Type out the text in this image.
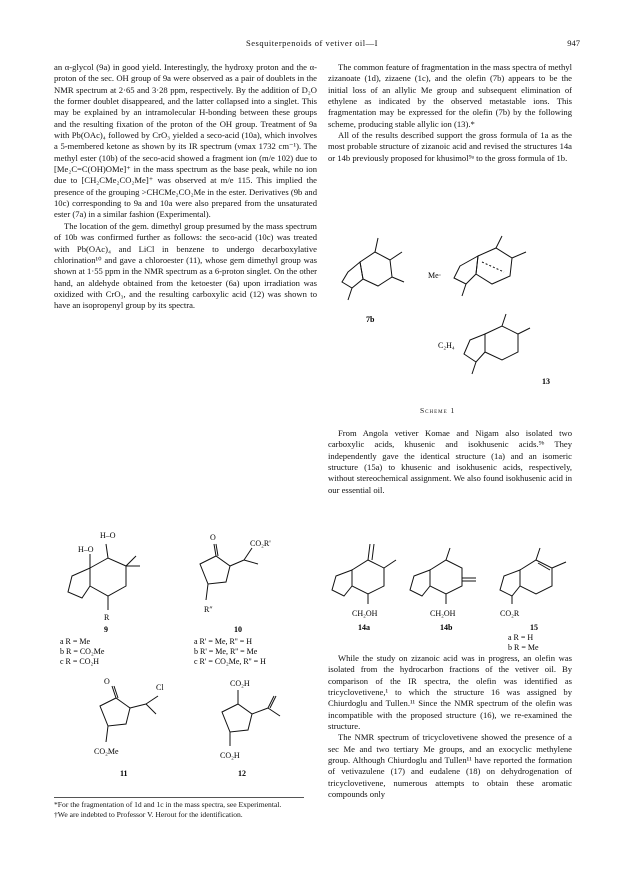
Sesquiterpenoids of vetiver oil—I	947

an α-glycol (9a) in good yield. Interestingly, the hydroxy proton and the α-proton of the sec. OH group of 9a were observed as a pair of doublets in the NMR spectrum at 2·65 and 3·28 ppm, respectively. By the addition of D₂O the former doublet disappeared, and the latter collapsed into a singlet. This may be explained by an intramolecular H-bonding between these groups and the resulting fixation of the proton of the OH group. Treatment of 9a with Pb(OAc)₄ followed by CrO₃ yielded a seco-acid (10a), which involves a 5-membered ketone as shown by its IR spectrum (νmax 1732 cm⁻¹). The methyl ester (10b) of the seco-acid showed a fragment ion (m/e 102) due to [Me₂C=C(OH)OMe]⁺ in the mass spectrum as the base peak, while no ion due to [CH₂CMe₂CO₂Me]⁺ was observed at m/e 115. This implied the presence of the grouping >CHCMe₂CO₂Me in the ester. Derivatives (9b and 10c) corresponding to 9a and 10a were also prepared from the unsaturated ester (7a) in a similar fashion (Experimental).

The location of the gem. dimethyl group presumed by the mass spectrum of 10b was confirmed further as follows: the seco-acid (10c) was treated with Pb(OAc)₄ and LiCl in benzene to undergo decarboxylative chlorination¹⁰ and gave a chloroester (11), whose gem dimethyl group was shown at 1·55 ppm in the NMR spectrum as a 6-proton singlet. On the other hand, an aldehyde obtained from the ketoester (6a) upon irradiation was oxidized with CrO₃, and the resulting carboxylic acid (12) was shown to have an isopropenyl group by its spectra.

The common feature of fragmentation in the mass spectra of methyl zizanoate (1d), zizaene (1c), and the olefin (7b) appears to be the initial loss of an allylic Me group and subsequent elimination of ethylene as indicated by the observed metastable ions. This fragmentation may be expressed for the olefin (7b) by the following scheme, producing stable allylic ion (13).*

All of the results described support the gross formula of 1a as the most probable structure of zizanoic acid and revised the structures 14a or 14b previously proposed for khusimol⁹ᵃ to the gross formula of 1b.

7b
Me·
C₂H₄
13
Scheme 1

From Angola vetiver Komae and Nigam also isolated two carboxylic acids, khusenic and isokhusenic acids.⁹ᵇ They independently gave the identical structure (1a) and an isomeric structure (15a) to khusenic and isokhusenic acids, respectively, without stereochemical assignment. We also found isokhusenic acid in our essential oil.

CH₂OH
14a
CH₂OH
14b
CO₂R
15
a R = H
b R = Me

While the study on zizanoic acid was in progress, an olefin was isolated from the hydrocarbon fractions of the vetiver oil. By comparison of the IR spectra, the olefin was identified as tricyclovetivene,¹ to which the structure 16 was assigned by Chiurdoglu and Tullen.¹¹ Since the NMR spectrum of the olefin was incompatible with the proposed structure (16), we re-examined the structure.

The NMR spectrum of tricyclovetivene showed the presence of a sec Me and two tertiary Me groups, and an exocyclic methylene group. Although Chiurdoglu and Tullen¹¹ have reported the formation of vetivazulene (17) and eudalene (18) on dehydrogenation of tricyclovetivene, numerous attempts to obtain these aromatic compounds only

H–O
H–O
R
9
a R = Me
b R = CO₂Me
c R = CO₂H
O
CO₂R'
R″
10
a R' = Me, R'' = H
b R' = Me, R'' = Me
c R' = CO₂Me, R'' = H
O
Cl
CO₂Me
11
CO₂H
CO₂H
12

*For the fragmentation of 1d and 1c in the mass spectra, see Experimental.

†We are indebted to Professor V. Herout for the identification.
